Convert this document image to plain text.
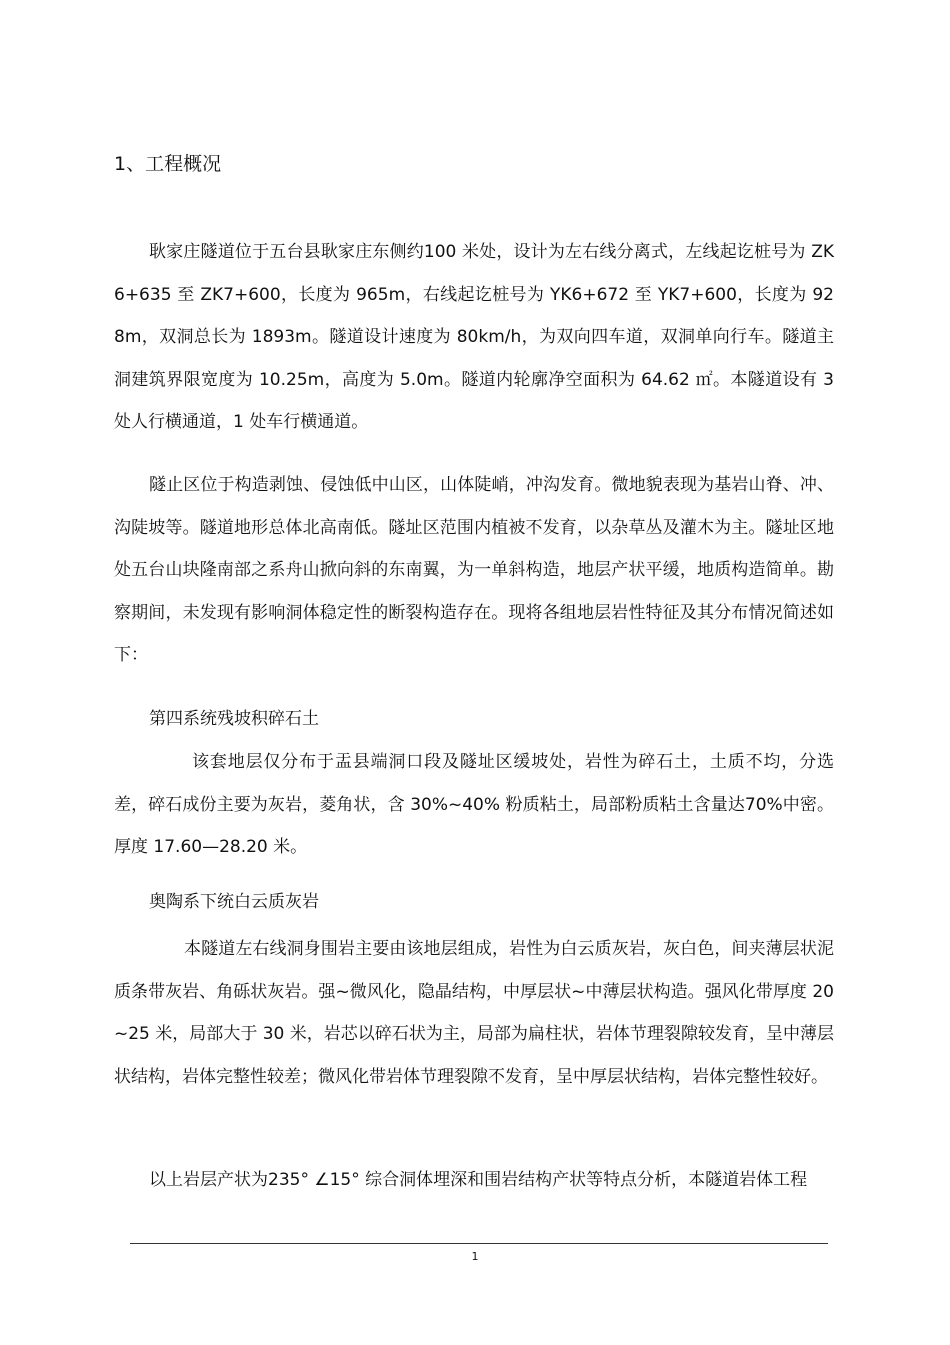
1、工程概况

耿家庄隧道位于五台县耿家庄东侧约100 米处，设计为左右线分离式，左线起讫桩号为 ZK6+635 至 ZK7+600，长度为 965m，右线起讫桩号为 YK6+672 至 YK7+600，长度为 928m，双洞总长为 1893m。隧道设计速度为 80km/h，为双向四车道，双洞单向行车。隧道主洞建筑界限宽度为 10.25m，高度为 5.0m。隧道内轮廓净空面积为 64.62 ㎡。本隧道设有 3 处人行横通道，1 处车行横通道。

隧止区位于构造剥蚀、侵蚀低中山区，山体陡峭，冲沟发育。微地貌表现为基岩山脊、冲、沟陡坡等。隧道地形总体北高南低。隧址区范围内植被不发育，以杂草丛及灌木为主。隧址区地处五台山块隆南部之系舟山掀向斜的东南翼，为一单斜构造，地层产状平缓，地质构造简单。勘察期间，未发现有影响洞体稳定性的断裂构造存在。现将各组地层岩性特征及其分布情况简述如下：

第四系统残坡积碎石土

该套地层仅分布于盂县端洞口段及隧址区缓坡处，岩性为碎石土，土质不均，分选差，碎石成份主要为灰岩，菱角状，含 30%~40% 粉质粘土，局部粉质粘土含量达70%中密。厚度 17.60—28.20 米。

奥陶系下统白云质灰岩

本隧道左右线洞身围岩主要由该地层组成，岩性为白云质灰岩，灰白色，间夹薄层状泥质条带灰岩、角砾状灰岩。强~微风化，隐晶结构，中厚层状~中薄层状构造。强风化带厚度 20~25 米，局部大于 30 米，岩芯以碎石状为主，局部为扁柱状，岩体节理裂隙较发育，呈中薄层状结构，岩体完整性较差；微风化带岩体节理裂隙不发育，呈中厚层状结构，岩体完整性较好。

以上岩层产状为235° ∠15° 综合洞体埋深和围岩结构产状等特点分析，本隧道岩体工程

1
